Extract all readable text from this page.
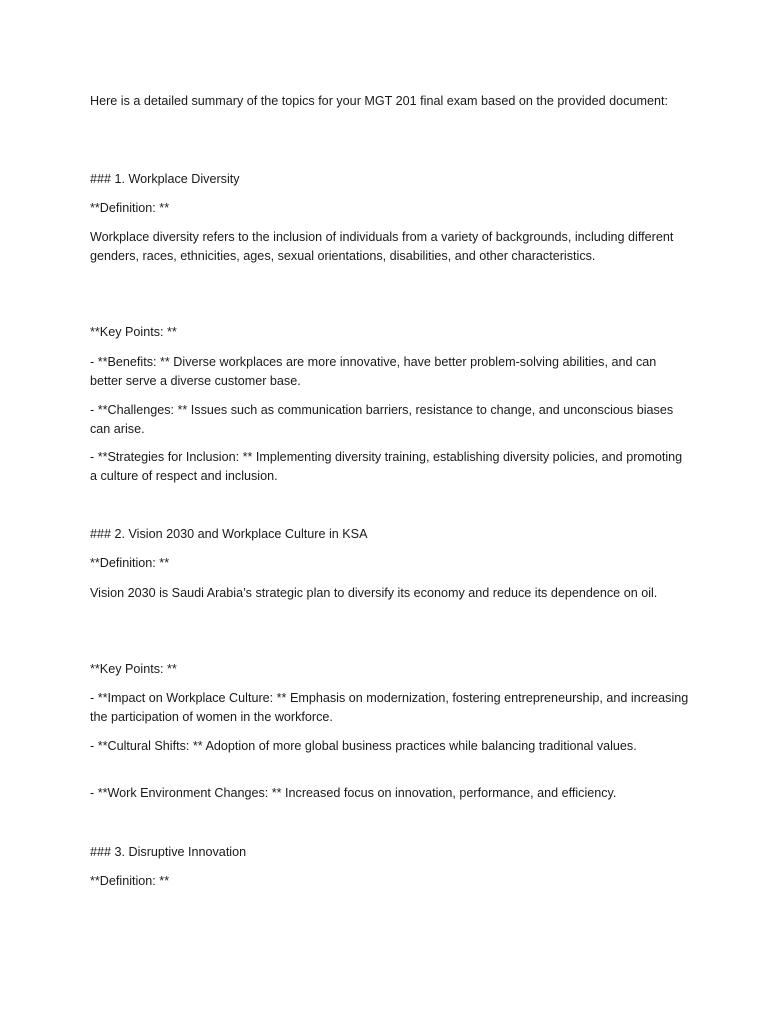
Here is a detailed summary of the topics for your MGT 201 final exam based on the provided document:

### 1. Workplace Diversity

**Definition: **

Workplace diversity refers to the inclusion of individuals from a variety of backgrounds, including different genders, races, ethnicities, ages, sexual orientations, disabilities, and other characteristics.

**Key Points: **

- **Benefits: ** Diverse workplaces are more innovative, have better problem-solving abilities, and can better serve a diverse customer base.

- **Challenges: ** Issues such as communication barriers, resistance to change, and unconscious biases can arise.

- **Strategies for Inclusion: ** Implementing diversity training, establishing diversity policies, and promoting a culture of respect and inclusion.

### 2. Vision 2030 and Workplace Culture in KSA

**Definition: **

Vision 2030 is Saudi Arabia’s strategic plan to diversify its economy and reduce its dependence on oil.

**Key Points: **

- **Impact on Workplace Culture: ** Emphasis on modernization, fostering entrepreneurship, and increasing the participation of women in the workforce.

- **Cultural Shifts: ** Adoption of more global business practices while balancing traditional values.

- **Work Environment Changes: ** Increased focus on innovation, performance, and efficiency.

### 3. Disruptive Innovation

**Definition: **
